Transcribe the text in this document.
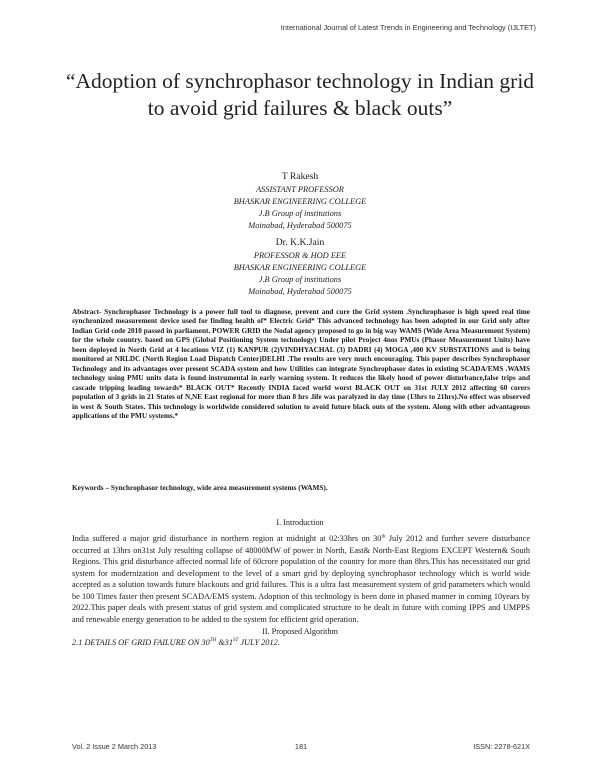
International Journal of Latest Trends in Engineering and Technology (IJLTET)
“Adoption of synchrophasor technology in Indian grid to avoid grid failures & black outs”
T Rakesh
ASSISTANT PROFESSOR
BHASKAR ENGINEERING COLLEGE
J.B Group of institutions
Moinabad, Hyderabad 500075
Dr. K.K.Jain
PROFESSOR & HOD EEE
BHASKAR ENGINEERING COLLEGE
J.B Group of institutions
Moinabad, Hyderabad 500075
Abstract- Synchrophasor Technology is a power full tool to diagnose, prevent and cure the Grid system .Synchrophasor is high speed real time synchronized measurement device used for finding health of* Electric Grid* This advanced technology has been adopted in our Grid only after Indian Grid code 2010 passed in parliament. POWER GRID the Nodal agency proposed to go in big way WAMS (Wide Area Measurement System) for the whole country. based on GPS (Global Positioning System technology) Under pilot Project 4nos PMUs (Phasor Measurement Units) have been deployed in North Grid at 4 locations VIZ (1) KANPUR (2)VINDHYACHAL (3) DADRI (4) MOGA ,400 KV SUBSTATIONS and is being monitored at NRLDC (North Region Load Dispatch Center)DELHI .The results are very much encouraging. This paper describes Synchrophasor Technology and its advantages over present SCADA system and how Utilities can integrate Synchrophasor dates in existing SCADA/EMS .WAMS technology using PMU units data is found instrumental in early warning system. It reduces the likely hood of power disturbance,false trips and cascade tripping leading towards* BLACK OUT* Recently INDIA faced world worst BLACK OUT on 31st JULY 2012 affecting 60 corers population of 3 grids in 21 States of N,NE East regional for more than 8 hrs .life was paralyzed in day time (13hrs to 21hrs).No effect was observed in west & South States. This technology is worldwide considered solution to avoid future black outs of the system. Along with other advantageous applications of the PMU systems.*
Keywords – Synchrophasor technology, wide area measurement systems (WAMS).
I. Introduction
India suffered a major grid disturbance in northern region at midnight at 02:33hrs on 30th July 2012 and further severe disturbance occurred at 13hrs on31st July resulting collapse of 48000MW of power in North, East& North-East Regions EXCEPT Western& South Regions. This grid disturbance affected normal life of 60crore population of the country for more than 8hrs.This has necessitated our grid system for modernization and development to the level of a smart grid by deploying synchrophasor technology which is world wide accepted as a solution towards future blackouts and grid failures. This is a ultra fast measurement system of grid parameters which would be 100 Times faster then present SCADA/EMS system. Adoption of this technology is been done in phased manner in coming 10years by 2022.This paper deals with present status of grid system and complicated structure to be dealt in future with coming IPPS and UMPPS and renewable energy generation to be added to the system for efficient grid operation.
II. Proposed Algorithm
2.1 DETAILS OF GRID FAILURE ON 30TH &31ST JULY 2012.
Vol. 2 Issue 2 March 2013	181	ISSN: 2278-621X
